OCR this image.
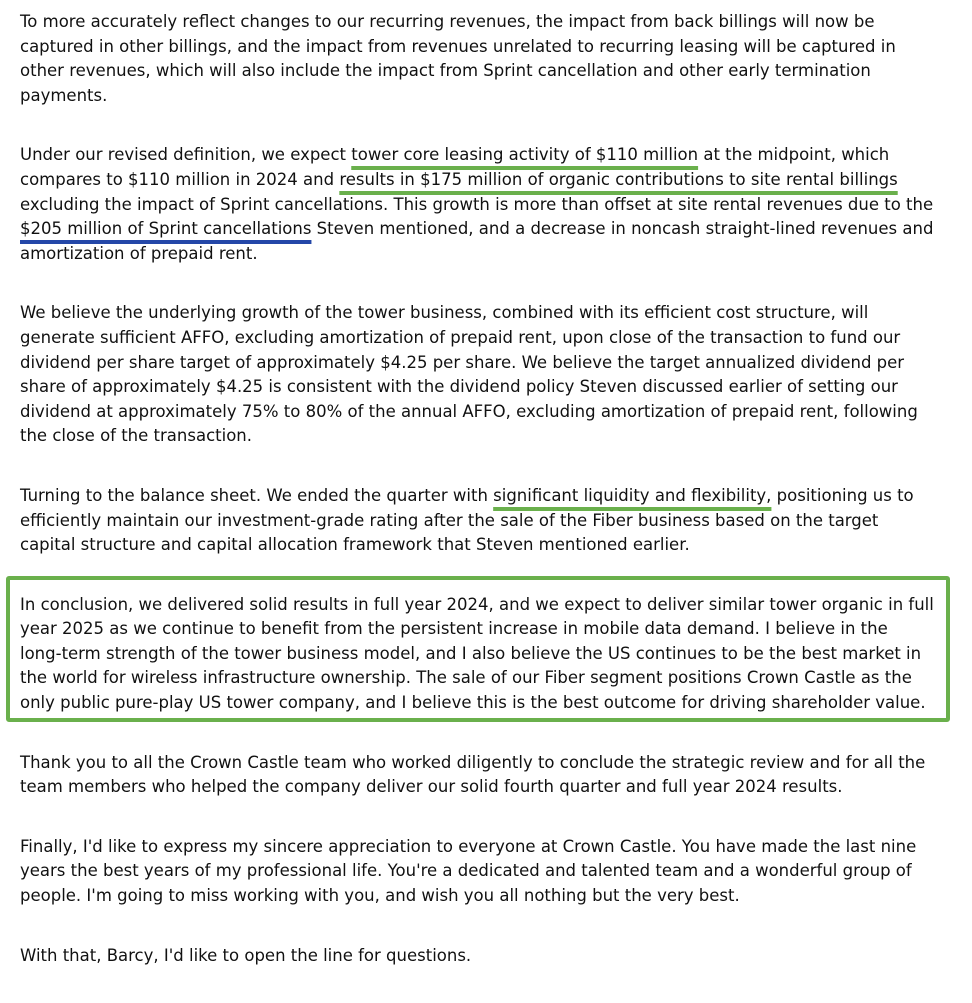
To more accurately reflect changes to our recurring revenues, the impact from back billings will now be
captured in other billings, and the impact from revenues unrelated to recurring leasing will be captured in
other revenues, which will also include the impact from Sprint cancellation and other early termination
payments.

Under our revised definition, we expect tower core leasing activity of $110 million at the midpoint, which
compares to $110 million in 2024 and results in $175 million of organic contributions to site rental billings
excluding the impact of Sprint cancellations. This growth is more than offset at site rental revenues due to the
$205 million of Sprint cancellations Steven mentioned, and a decrease in noncash straight-lined revenues and
amortization of prepaid rent.

We believe the underlying growth of the tower business, combined with its efficient cost structure, will
generate sufficient AFFO, excluding amortization of prepaid rent, upon close of the transaction to fund our
dividend per share target of approximately $4.25 per share. We believe the target annualized dividend per
share of approximately $4.25 is consistent with the dividend policy Steven discussed earlier of setting our
dividend at approximately 75% to 80% of the annual AFFO, excluding amortization of prepaid rent, following
the close of the transaction.

Turning to the balance sheet. We ended the quarter with significant liquidity and flexibility, positioning us to
efficiently maintain our investment-grade rating after the sale of the Fiber business based on the target
capital structure and capital allocation framework that Steven mentioned earlier.

In conclusion, we delivered solid results in full year 2024, and we expect to deliver similar tower organic in full
year 2025 as we continue to benefit from the persistent increase in mobile data demand. I believe in the
long-term strength of the tower business model, and I also believe the US continues to be the best market in
the world for wireless infrastructure ownership. The sale of our Fiber segment positions Crown Castle as the
only public pure-play US tower company, and I believe this is the best outcome for driving shareholder value.

Thank you to all the Crown Castle team who worked diligently to conclude the strategic review and for all the
team members who helped the company deliver our solid fourth quarter and full year 2024 results.

Finally, I'd like to express my sincere appreciation to everyone at Crown Castle. You have made the last nine
years the best years of my professional life. You're a dedicated and talented team and a wonderful group of
people. I'm going to miss working with you, and wish you all nothing but the very best.

With that, Barcy, I'd like to open the line for questions.
